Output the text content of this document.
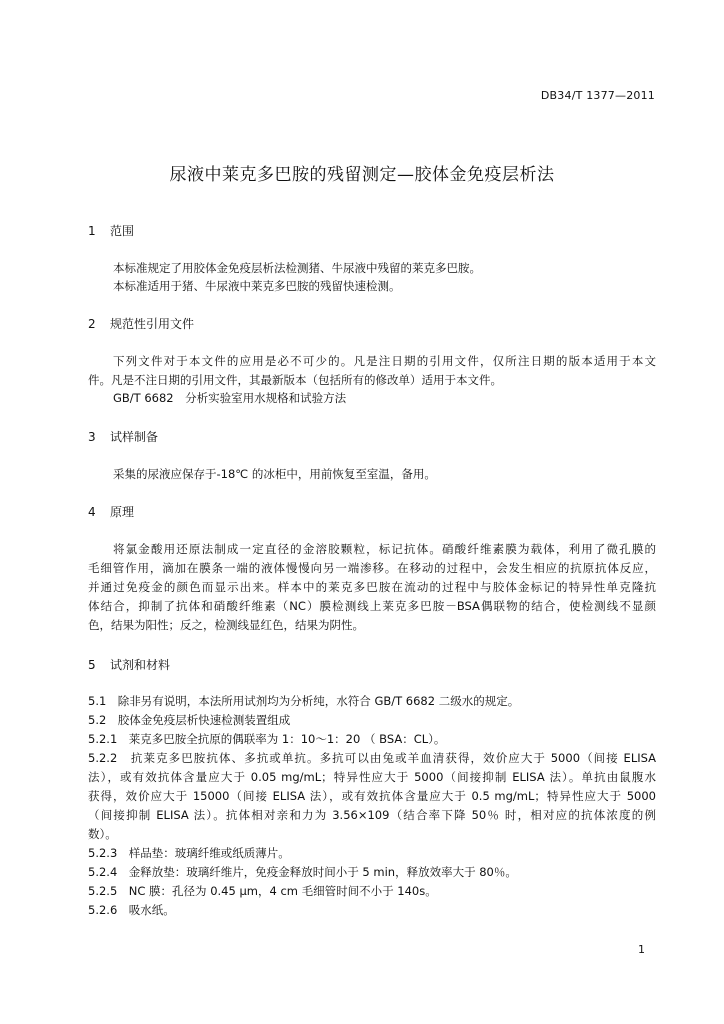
DB34/T 1377—2011
尿液中莱克多巴胺的残留测定—胶体金免疫层析法
1 范围
本标准规定了用胶体金免疫层析法检测猪、牛尿液中残留的莱克多巴胺。
本标准适用于猪、牛尿液中莱克多巴胺的残留快速检测。
2 规范性引用文件
下列文件对于本文件的应用是必不可少的。凡是注日期的引用文件，仅所注日期的版本适用于本文
件。凡是不注日期的引用文件，其最新版本（包括所有的修改单）适用于本文件。
GB/T 6682　分析实验室用水规格和试验方法
3 试样制备
采集的尿液应保存于-18℃ 的冰柜中，用前恢复至室温，备用。
4 原理
将氯金酸用还原法制成一定直径的金溶胶颗粒，标记抗体。硝酸纤维素膜为载体，利用了微孔膜的
毛细管作用，滴加在膜条一端的液体慢慢向另一端渗移。在移动的过程中，会发生相应的抗原抗体反应，
并通过免疫金的颜色而显示出来。样本中的莱克多巴胺在流动的过程中与胶体金标记的特异性单克隆抗
体结合，抑制了抗体和硝酸纤维素（NC）膜检测线上莱克多巴胺－BSA偶联物的结合，使检测线不显颜
色，结果为阳性；反之，检测线显红色，结果为阴性。
5 试剂和材料
5.1　除非另有说明，本法所用试剂均为分析纯，水符合 GB/T 6682 二级水的规定。
5.2　胶体金免疫层析快速检测装置组成
5.2.1　莱克多巴胺全抗原的偶联率为 1：10～1：20 （ BSA：CL）。
5.2.2　抗莱克多巴胺抗体、多抗或单抗。多抗可以由兔或羊血清获得，效价应大于 5000（间接 ELISA
法），或有效抗体含量应大于 0.05 mg/mL；特异性应大于 5000（间接抑制 ELISA 法）。单抗由鼠腹水
获得，效价应大于 15000（间接 ELISA 法），或有效抗体含量应大于 0.5 mg/mL；特异性应大于 5000
（间接抑制 ELISA 法）。抗体相对亲和力为 3.56×109（结合率下降 50％ 时，相对应的抗体浓度的例
数）。
5.2.3　样品垫：玻璃纤维或纸质薄片。
5.2.4　金释放垫：玻璃纤维片，免疫金释放时间小于 5 min，释放效率大于 80％。
5.2.5　NC 膜：孔径为 0.45 μm，4 cm 毛细管时间不小于 140s。
5.2.6　吸水纸。
1
